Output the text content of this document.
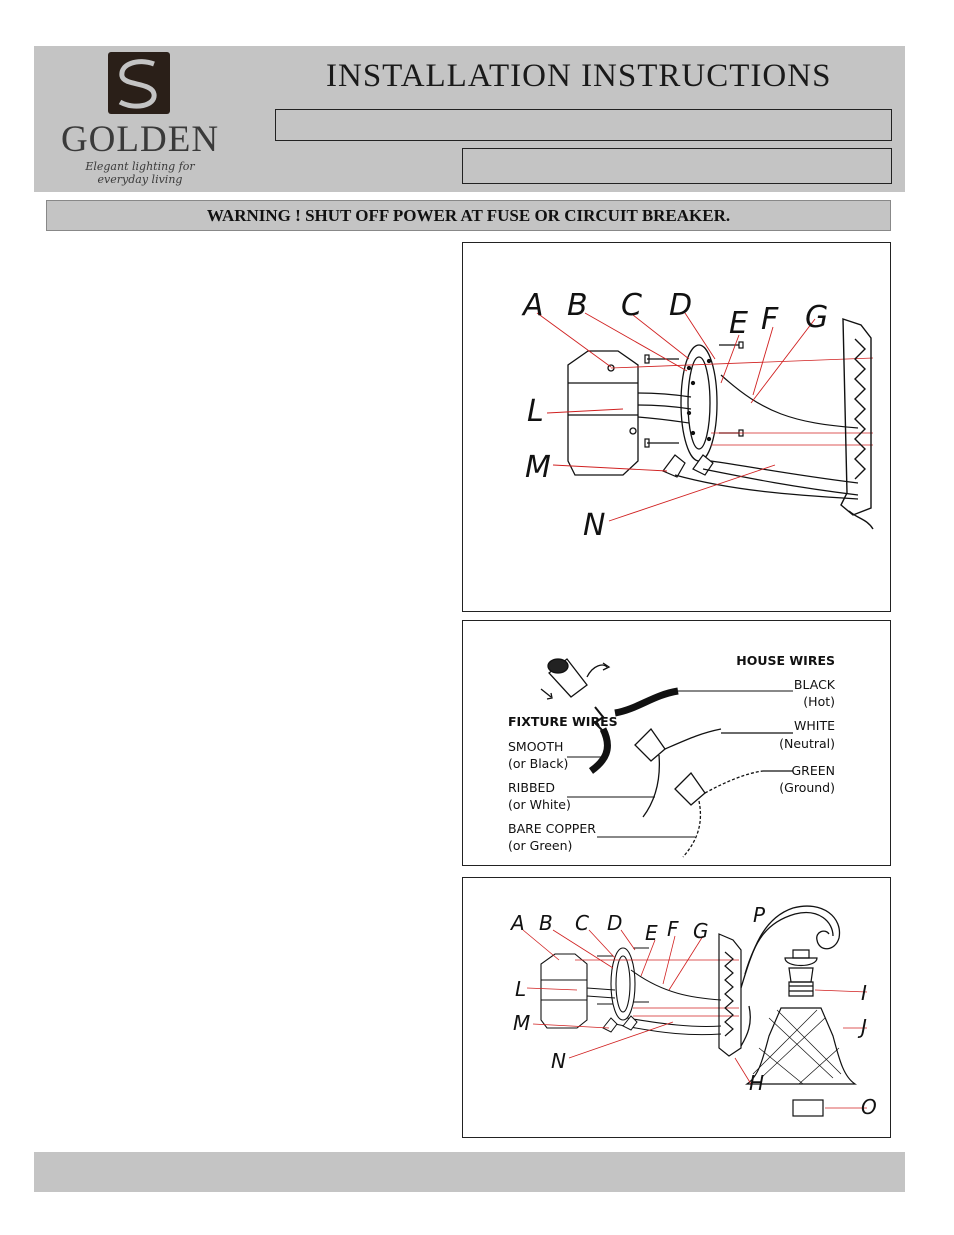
GOLDEN
Elegant lighting for everyday living
INSTALLATION INSTRUCTIONS
WARNING ! SHUT OFF POWER AT FUSE OR CIRCUIT BREAKER.
A B C D
E F G
L
M
N
HOUSE WIRES
BLACK
(Hot)
WHITE
(Neutral)
GREEN
(Ground)
FIXTURE WIRES
SMOOTH
(or Black)
RIBBED
(or White)
BARE COPPER
(or Green)
A B C D E F G
L
M
N
H
I
J
O
P
